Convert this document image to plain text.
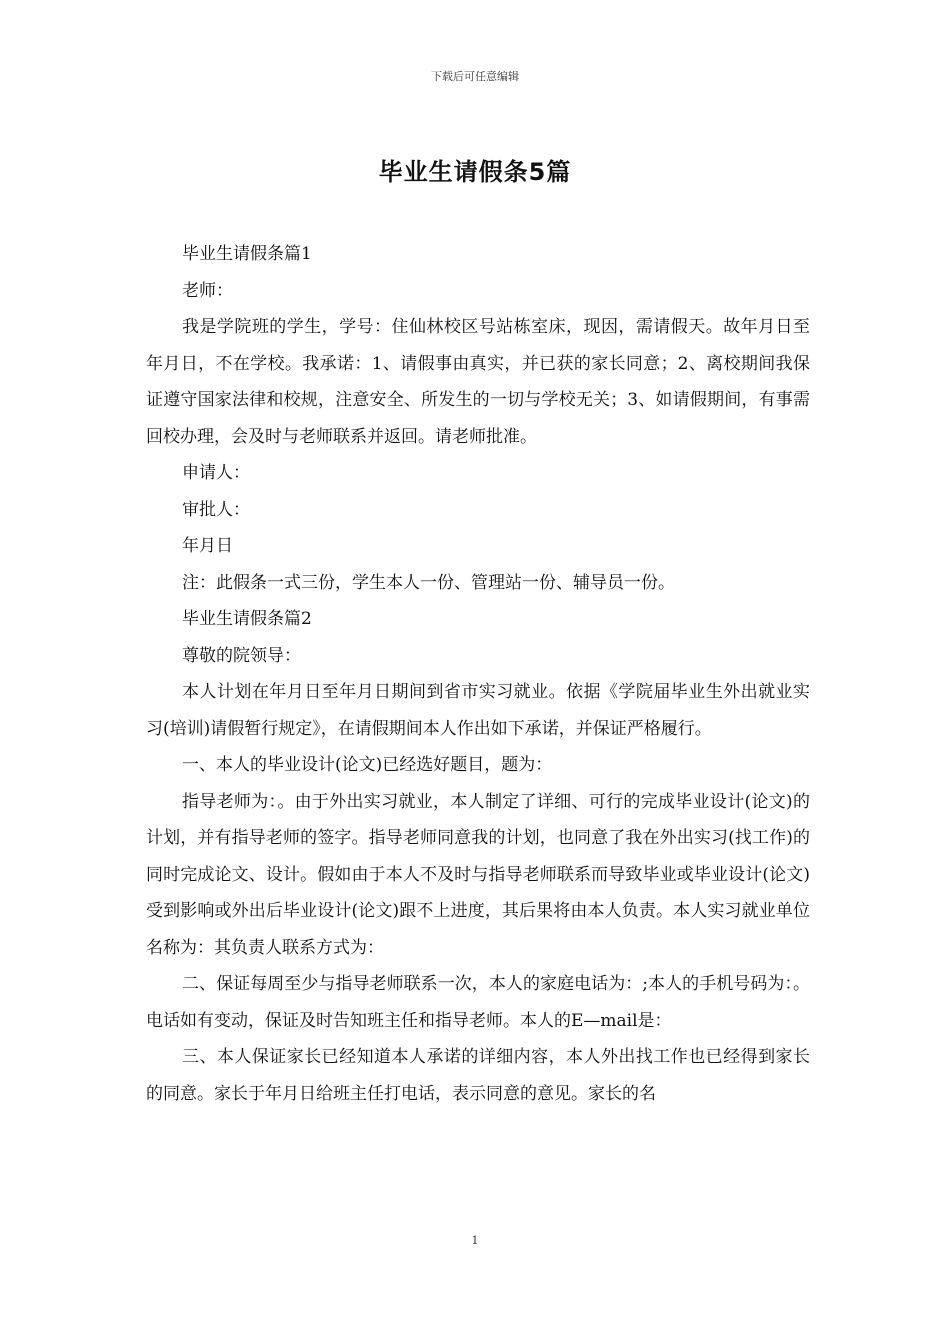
下载后可任意编辑
毕业生请假条5篇

毕业生请假条篇1

老师：

我是学院班的学生，学号：住仙林校区号站栋室床，现因，需请假天。故年月日至年月日，不在学校。我承诺：1、请假事由真实，并已获的家长同意；2、离校期间我保证遵守国家法律和校规，注意安全、所发生的一切与学校无关；3、如请假期间，有事需回校办理，会及时与老师联系并返回。请老师批准。

申请人：

审批人：

年月日

注：此假条一式三份，学生本人一份、管理站一份、辅导员一份。

毕业生请假条篇2

尊敬的院领导：

本人计划在年月日至年月日期间到省市实习就业。依据《学院届毕业生外出就业实习(培训)请假暂行规定》，在请假期间本人作出如下承诺，并保证严格履行。

一、本人的毕业设计(论文)已经选好题目，题为：

指导老师为：。由于外出实习就业，本人制定了详细、可行的完成毕业设计(论文)的计划，并有指导老师的签字。指导老师同意我的计划，也同意了我在外出实习(找工作)的同时完成论文、设计。假如由于本人不及时与指导老师联系而导致毕业或毕业设计(论文)受到影响或外出后毕业设计(论文)跟不上进度，其后果将由本人负责。本人实习就业单位名称为：其负责人联系方式为：

二、保证每周至少与指导老师联系一次，本人的家庭电话为：;本人的手机号码为：。电话如有变动，保证及时告知班主任和指导老师。本人的E—mail是：

三、本人保证家长已经知道本人承诺的详细内容，本人外出找工作也已经得到家长的同意。家长于年月日给班主任打电话，表示同意的意见。家长的名

1
